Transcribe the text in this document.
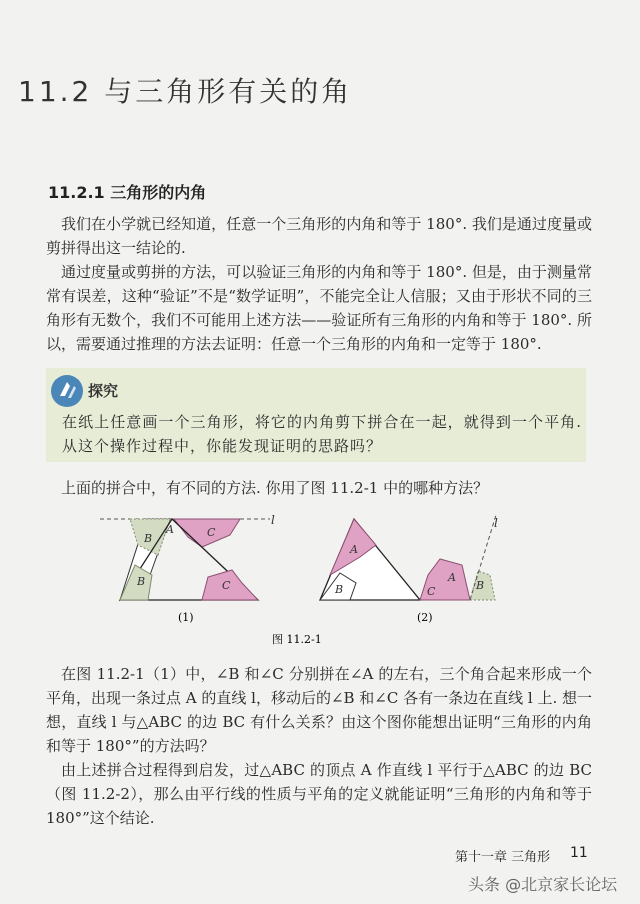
11.2 与三角形有关的角
11.2.1 三角形的内角
我们在小学就已经知道，任意一个三角形的内角和等于 180°. 我们是通过度量或剪拼得出这一结论的.
通过度量或剪拼的方法，可以验证三角形的内角和等于 180°. 但是，由于测量常常有误差，这种“验证”不是“数学证明”，不能完全让人信服；又由于形状不同的三角形有无数个，我们不可能用上述方法——验证所有三角形的内角和等于 180°. 所以，需要通过推理的方法去证明：任意一个三角形的内角和一定等于 180°.
探究
在纸上任意画一个三角形，将它的内角剪下拼合在一起，就得到一个平角. 从这个操作过程中，你能发现证明的思路吗？
上面的拼合中，有不同的方法. 你用了图 11.2-1 中的哪种方法？
l
B	C
A
B	C
A
B
A
C	B
l
(1)	(2)
图 11.2-1
在图 11.2-1（1）中，∠B 和∠C 分别拼在∠A 的左右，三个角合起来形成一个平角，出现一条过点 A 的直线 l，移动后的∠B 和∠C 各有一条边在直线 l 上. 想一想，直线 l 与△ABC 的边 BC 有什么关系？由这个图你能想出证明“三角形的内角和等于 180°”的方法吗？
由上述拼合过程得到启发，过△ABC 的顶点 A 作直线 l 平行于△ABC 的边 BC（图 11.2-2），那么由平行线的性质与平角的定义就能证明“三角形的内角和等于 180°”这个结论.
第十一章 三角形 11
头条 @北京家长论坛
